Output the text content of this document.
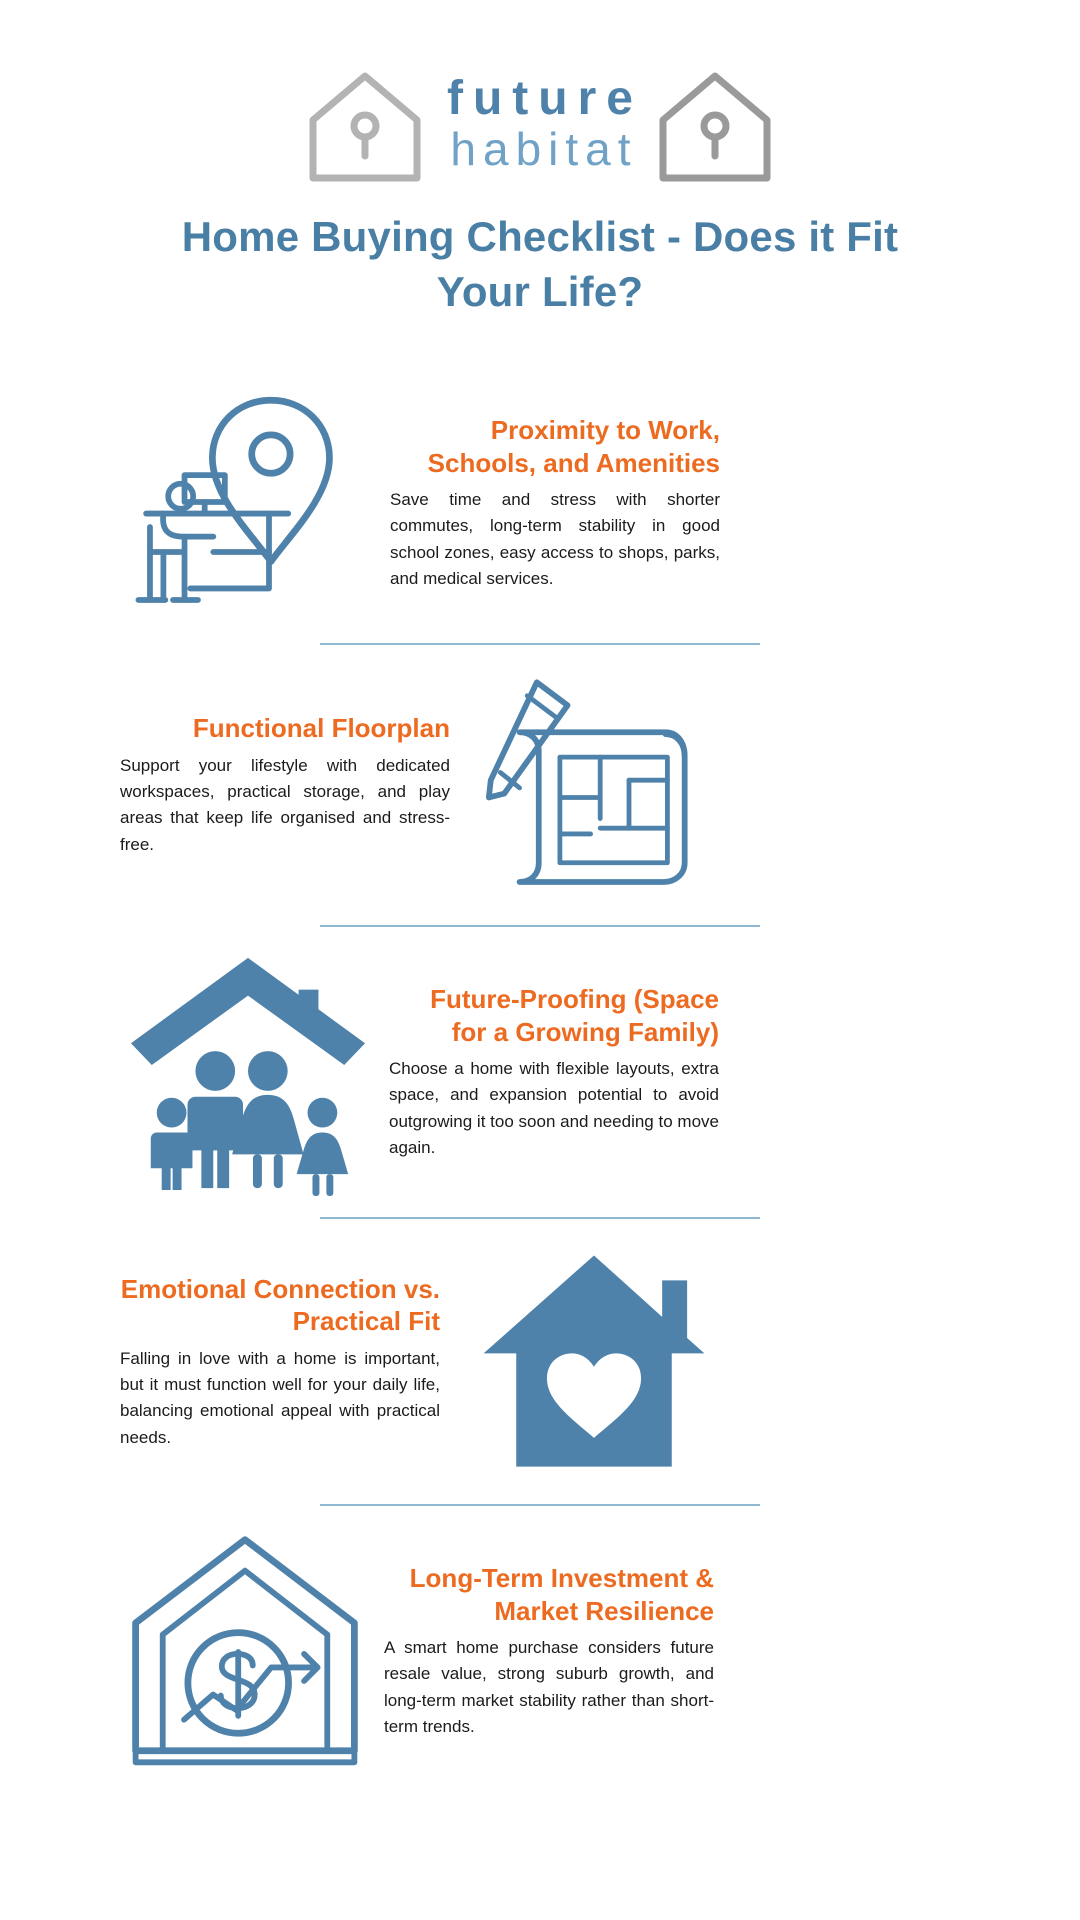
future
habitat
Home Buying Checklist - Does it Fit Your Life?
Proximity to Work, Schools, and Amenities
Save time and stress with shorter commutes, long-term stability in good school zones, easy access to shops, parks, and medical services.
Functional Floorplan
Support your lifestyle with dedicated workspaces, practical storage, and play areas that keep life organised and stress-free.
Future-Proofing (Space for a Growing Family)
Choose a home with flexible layouts, extra space, and expansion potential to avoid outgrowing it too soon and needing to move again.
Emotional Connection vs. Practical Fit
Falling in love with a home is important, but it must function well for your daily life, balancing emotional appeal with practical needs.
Long-Term Investment & Market Resilience
A smart home purchase considers future resale value, strong suburb growth, and long-term market stability rather than short-term trends.
